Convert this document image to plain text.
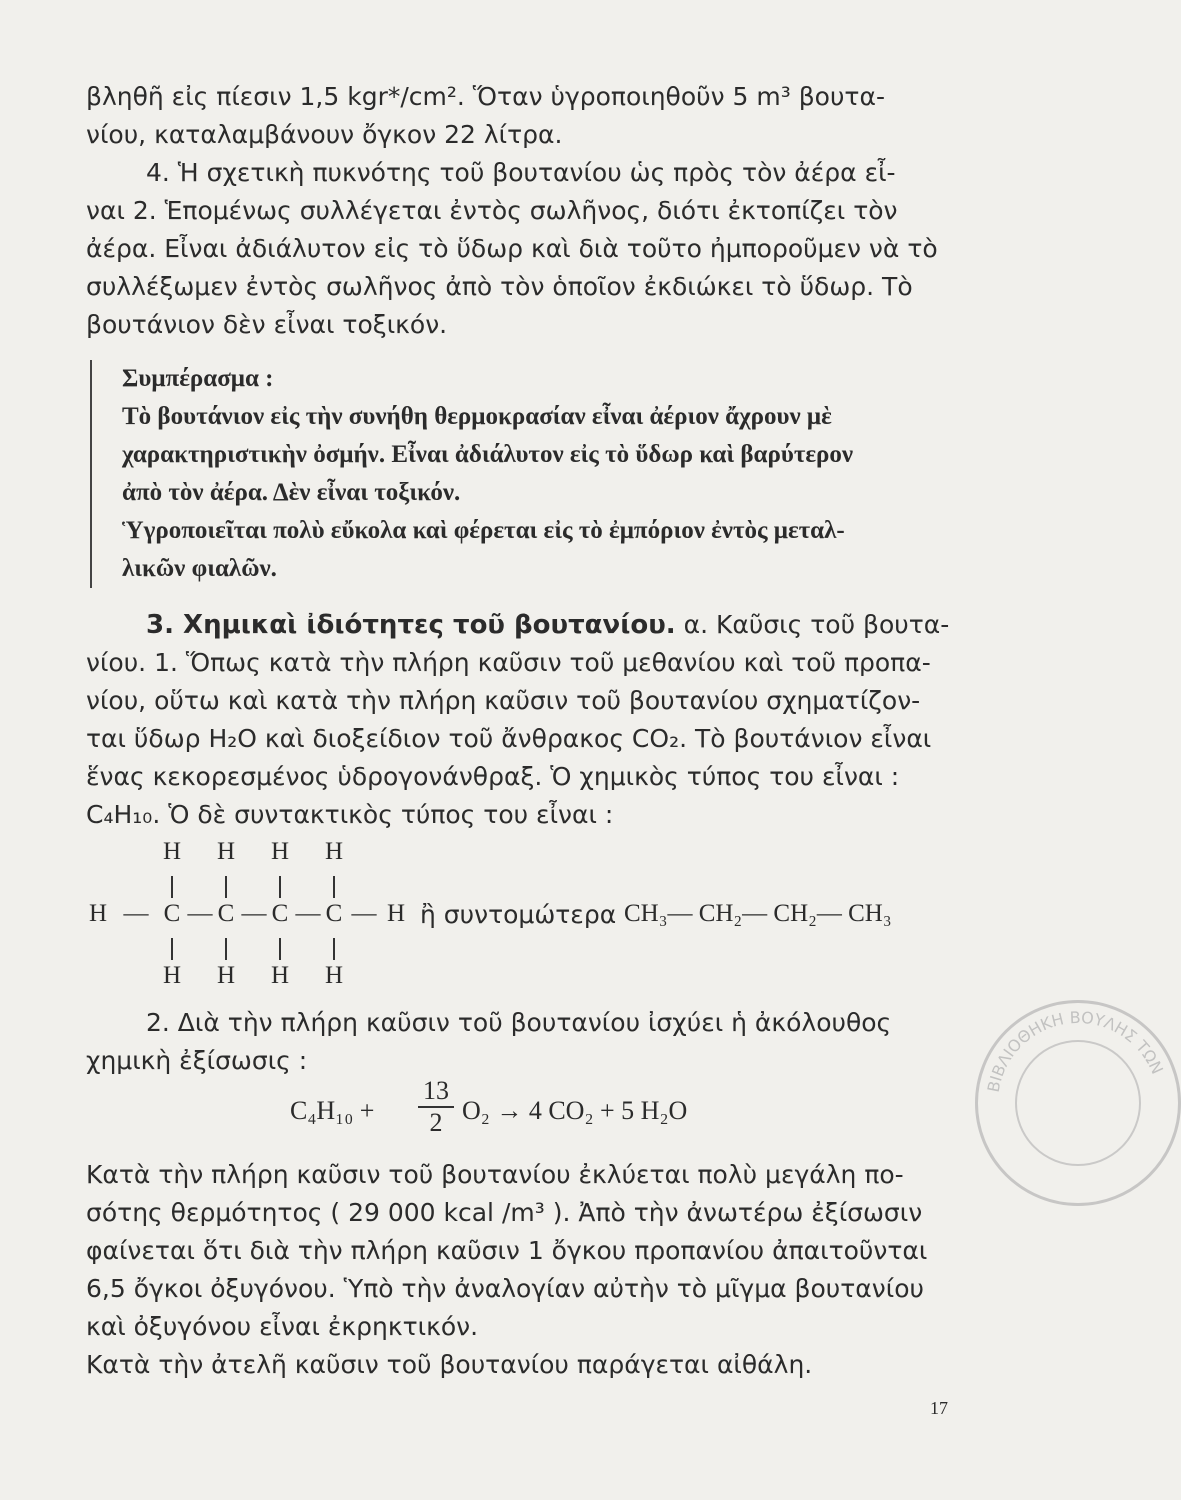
βληθῆ εἰς πίεσιν 1,5 kgr*/cm². Ὅταν ὑγροποιηθοῦν 5 m³ βουτα-
νίου, καταλαμβάνουν ὄγκον 22 λίτρα.
4. Ἡ σχετικὴ πυκνότης τοῦ βουτανίου ὡς πρὸς τὸν ἀέρα εἶ-
ναι 2. Ἑπομένως συλλέγεται ἐντὸς σωλῆνος, διότι ἐκτοπίζει τὸν
ἀέρα. Εἶναι ἀδιάλυτον εἰς τὸ ὕδωρ καὶ διὰ τοῦτο ἠμποροῦμεν νὰ τὸ
συλλέξωμεν ἐντὸς σωλῆνος ἀπὸ τὸν ὁποῖον ἐκδιώκει τὸ ὕδωρ. Τὸ
βουτάνιον δὲν εἶναι τοξικόν.
Συμπέρασμα :
Τὸ βουτάνιον εἰς τὴν συνήθη θερμοκρασίαν εἶναι ἀέριον ἄχρουν μὲ
χαρακτηριστικὴν ὀσμήν. Εἶναι ἀδιάλυτον εἰς τὸ ὕδωρ καὶ βαρύτερον
ἀπὸ τὸν ἀέρα. Δὲν εἶναι τοξικόν.
Ὑγροποιεῖται πολὺ εὔκολα καὶ φέρεται εἰς τὸ ἐμπόριον ἐντὸς μεταλ-
λικῶν φιαλῶν.
3. Χημικαὶ ἰδιότητες τοῦ βουτανίου. α. Καῦσις τοῦ βουτα-
νίου. 1. Ὅπως κατὰ τὴν πλήρη καῦσιν τοῦ μεθανίου καὶ τοῦ προπα-
νίου, οὕτω καὶ κατὰ τὴν πλήρη καῦσιν τοῦ βουτανίου σχηματίζον-
ται ὕδωρ H₂O καὶ διοξείδιον τοῦ ἄνθρακος CO₂. Τὸ βουτάνιον εἶναι
ἕνας κεκορεσμένος ὑδρογονάνθραξ. Ὁ χημικὸς τύπος του εἶναι :
C₄H₁₀. Ὁ δὲ συντακτικὸς τύπος του εἶναι :
H	H	H	H
H — C — C — C — C — H ἢ συντομώτερα CH₃— CH₂— CH₂— CH₃
H	H	H	H
2. Διὰ τὴν πλήρη καῦσιν τοῦ βουτανίου ἰσχύει ἡ ἀκόλουθος
χημικὴ ἐξίσωσις :
$C_4H_{10} + \frac{13}{2} O_2 \to 4$ CO₂ + 5 H₂O
Κατὰ τὴν πλήρη καῦσιν τοῦ βουτανίου ἐκλύεται πολὺ μεγάλη πο-
σότης θερμότητος ( 29 000 kcal /m³ ). Ἀπὸ τὴν ἀνωτέρω ἐξίσωσιν
φαίνεται ὅτι διὰ τὴν πλήρη καῦσιν 1 ὄγκου προπανίου ἀπαιτοῦνται
6,5 ὄγκοι ὀξυγόνου. Ὑπὸ τὴν ἀναλογίαν αὐτὴν τὸ μῖγμα βουτανίου
καὶ ὀξυγόνου εἶναι ἐκρηκτικόν.
Κατὰ τὴν ἀτελῆ καῦσιν τοῦ βουτανίου παράγεται αἰθάλη.
17
ΒΙΒΛΙΟΘΗΚΗ ΒΟΥΛΗΣ ΤΩΝ
